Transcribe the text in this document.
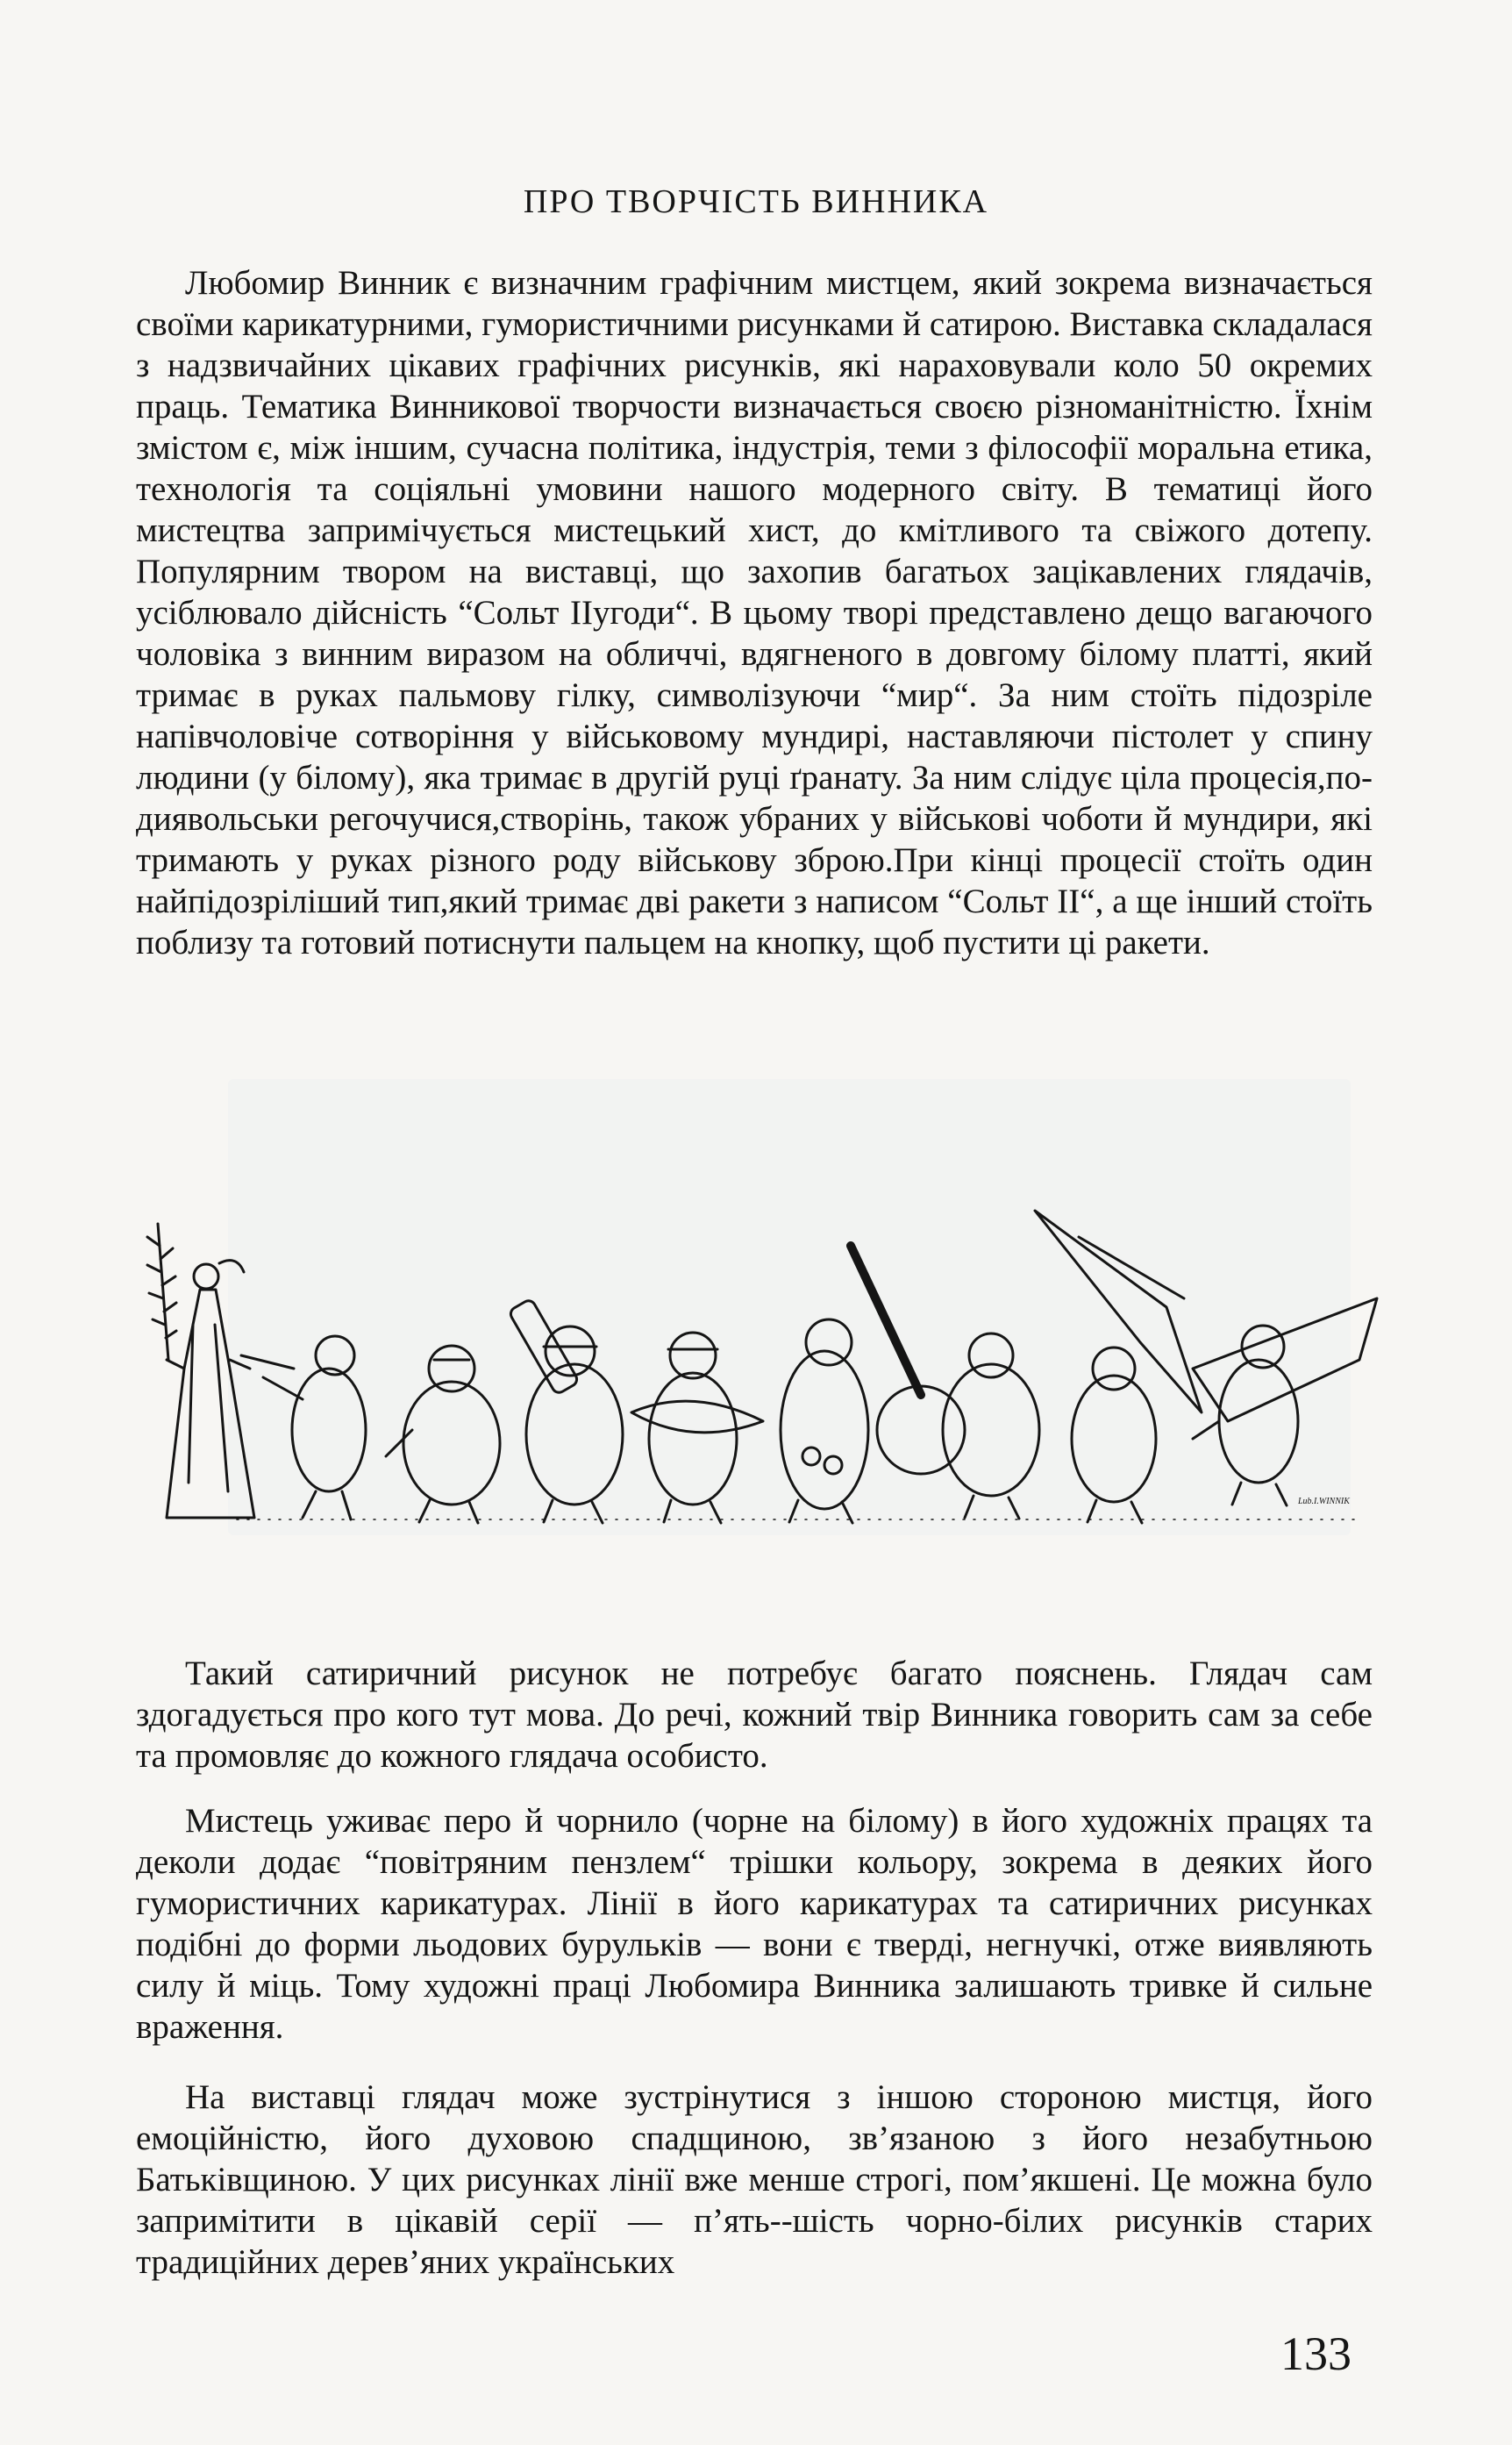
ПРО ТВОРЧІСТЬ ВИННИКА

Любомир Винник є визначним графічним мистцем, який зокрема визначається своїми карикатурними, гумористичними рисунками й сатирою. Виставка складалася з надзвичайних цікавих графічних рисунків, які нараховували коло 50 окремих праць. Тематика Винникової творчости визначається своєю різноманітністю. Їхнім змістом є, між іншим, сучасна політика, індустрія, теми з філософії моральна етика, технологія та соціяльні умовини нашого модерного світу. В тематиці його мистецтва запримічується мистецький хист, до кмітливого та свіжого дотепу. Популярним твором на виставці, що захопив багатьох зацікавлених глядачів, усіблювало дійсність “Сольт ІІугоди“. В цьому творі представлено дещо вагаючого чоловіка з винним виразом на обличчі, вдягненого в довгому білому платті, який тримає в руках пальмову гілку, символізуючи “мир“. За ним стоїть підозріле напівчоловіче сотворіння у військовому мундирі, наставляючи пістолет у спину людини (у білому), яка тримає в другій руці ґранату. За ним слідує ціла процесія,по-диявольськи регочучися,створінь, також убраних у військові чоботи й мундири, які тримають у руках різного роду військову зброю.При кінці процесії стоїть один найпідозріліший тип,який тримає дві ракети з написом “Сольт II“, а ще інший стоїть поблизу та готовий потиснути пальцем на кнопку, щоб пустити ці ракети.

Lub.I.WINNIK

Такий сатиричний рисунок не потребує багато пояснень. Глядач сам здогадується про кого тут мова. До речі, кожний твір Винника говорить сам за себе та промовляє до кожного глядача особисто.

Мистець уживає перо й чорнило (чорне на білому) в його художніх працях та деколи додає “повітряним пензлем“ трішки кольору, зокрема в деяких його гумористичних карикатурах. Лінії в його карикатурах та сатиричних рисунках подібні до форми льодових бурульків — вони є тверді, негнучкі, отже виявляють силу й міць. Тому художні праці Любомира Винника залишають тривке й сильне враження.

На виставці глядач може зустрінутися з іншою стороною мистця, його емоційністю, його духовою спадщиною, зв’язаною з його незабутньою Батьківщиною. У цих рисунках лінії вже менше строгі, пом’якшені. Це можна було запримітити в цікавій серії — п’ять--шість чорно-білих рисунків старих традиційних дерев’яних українських

133
